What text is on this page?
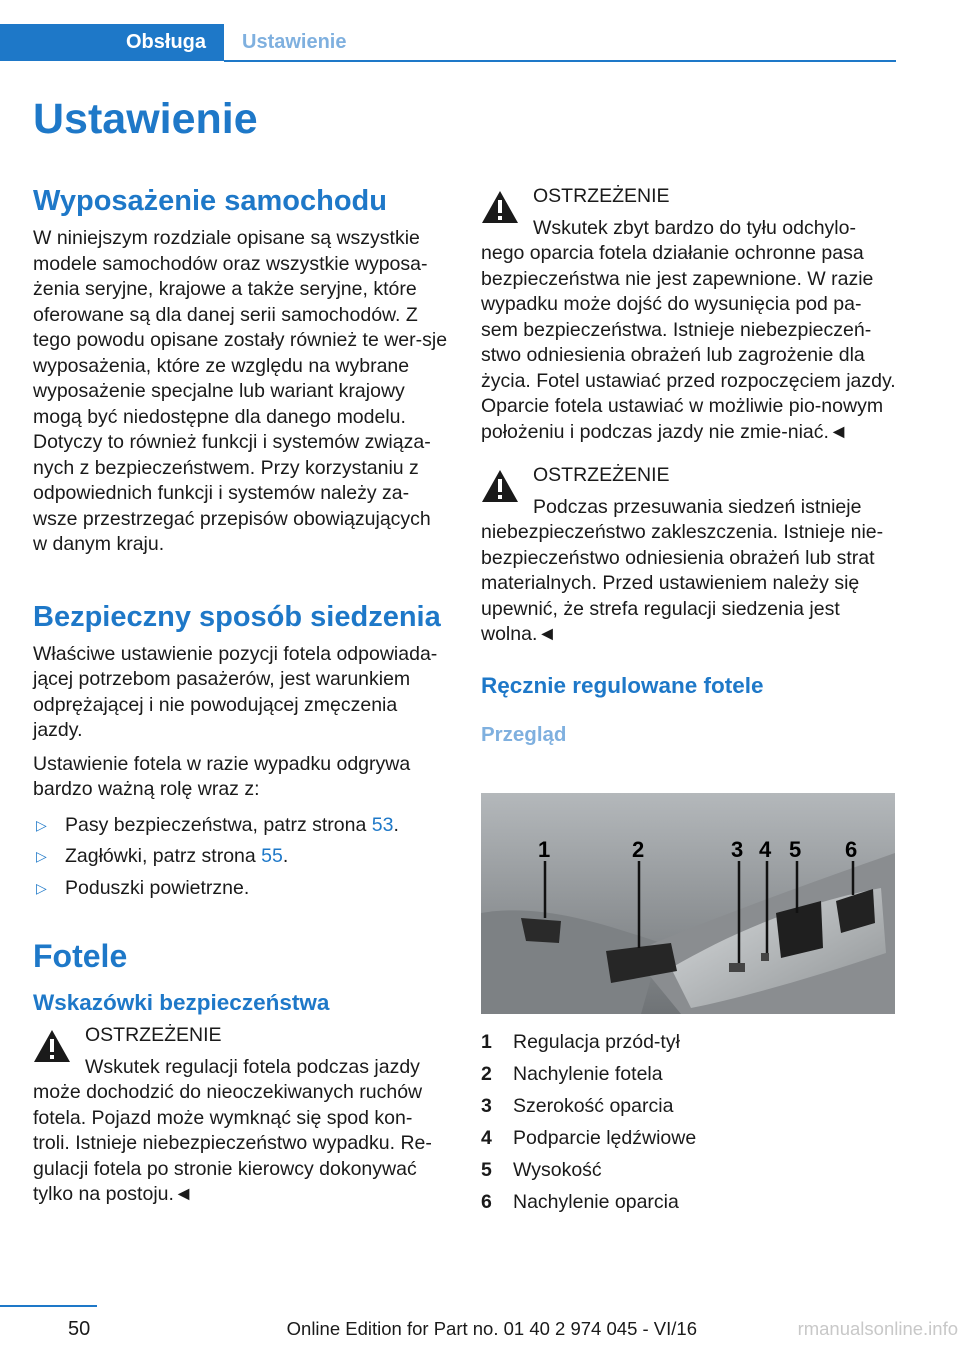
Obsługa	Ustawienie
Ustawienie

Wyposażenie samochodu

W niniejszym rozdziale opisane są wszystkie modele samochodów oraz wszystkie wyposa‐żenia seryjne, krajowe a także seryjne, które oferowane są dla danej serii samochodów. Z tego powodu opisane zostały również te wer‐sje wyposażenia, które ze względu na wybrane wyposażenie specjalne lub wariant krajowy mogą być niedostępne dla danego modelu. Dotyczy to również funkcji i systemów związa‐nych z bezpieczeństwem. Przy korzystaniu z odpowiednich funkcji i systemów należy za‐wsze przestrzegać przepisów obowiązujących w danym kraju.

Bezpieczny sposób siedzenia

Właściwe ustawienie pozycji fotela odpowiada‐jącej potrzebom pasażerów, jest warunkiem odprężającej i nie powodującej zmęczenia jazdy.

Ustawienie fotela w razie wypadku odgrywa bardzo ważną rolę wraz z:

▷ Pasy bezpieczeństwa, patrz strona 53.
▷ Zagłówki, patrz strona 55.
▷ Poduszki powietrzne.

Fotele

Wskazówki bezpieczeństwa

OSTRZEŻENIE

Wskutek regulacji fotela podczas jazdy może dochodzić do nieoczekiwanych ruchów fotela. Pojazd może wymknąć się spod kon‐troli. Istnieje niebezpieczeństwo wypadku. Re‐gulacji fotela po stronie kierowcy dokonywać tylko na postoju.◄

OSTRZEŻENIE

Wskutek zbyt bardzo do tyłu odchylo‐nego oparcia fotela działanie ochronne pasa bezpieczeństwa nie jest zapewnione. W razie wypadku może dojść do wysunięcia pod pa‐sem bezpieczeństwa. Istnieje niebezpieczeń‐stwo odniesienia obrażeń lub zagrożenie dla życia. Fotel ustawiać przed rozpoczęciem jazdy. Oparcie fotela ustawiać w możliwie pio‐nowym położeniu i podczas jazdy nie zmie‐niać.◄

OSTRZEŻENIE

Podczas przesuwania siedzeń istnieje niebezpieczeństwo zakleszczenia. Istnieje nie‐bezpieczeństwo odniesienia obrażeń lub strat materialnych. Przed ustawieniem należy się upewnić, że strefa regulacji siedzenia jest wolna.◄

Ręcznie regulowane fotele

Przegląd

1	2	3 4 5 6
1	Regulacja przód-tył
2	Nachylenie fotela
3	Szerokość oparcia
4	Podparcie lędźwiowe
5	Wysokość
6	Nachylenie oparcia
50	Online Edition for Part no. 01 40 2 974 045 - VI/16	rmanualsonline.info
